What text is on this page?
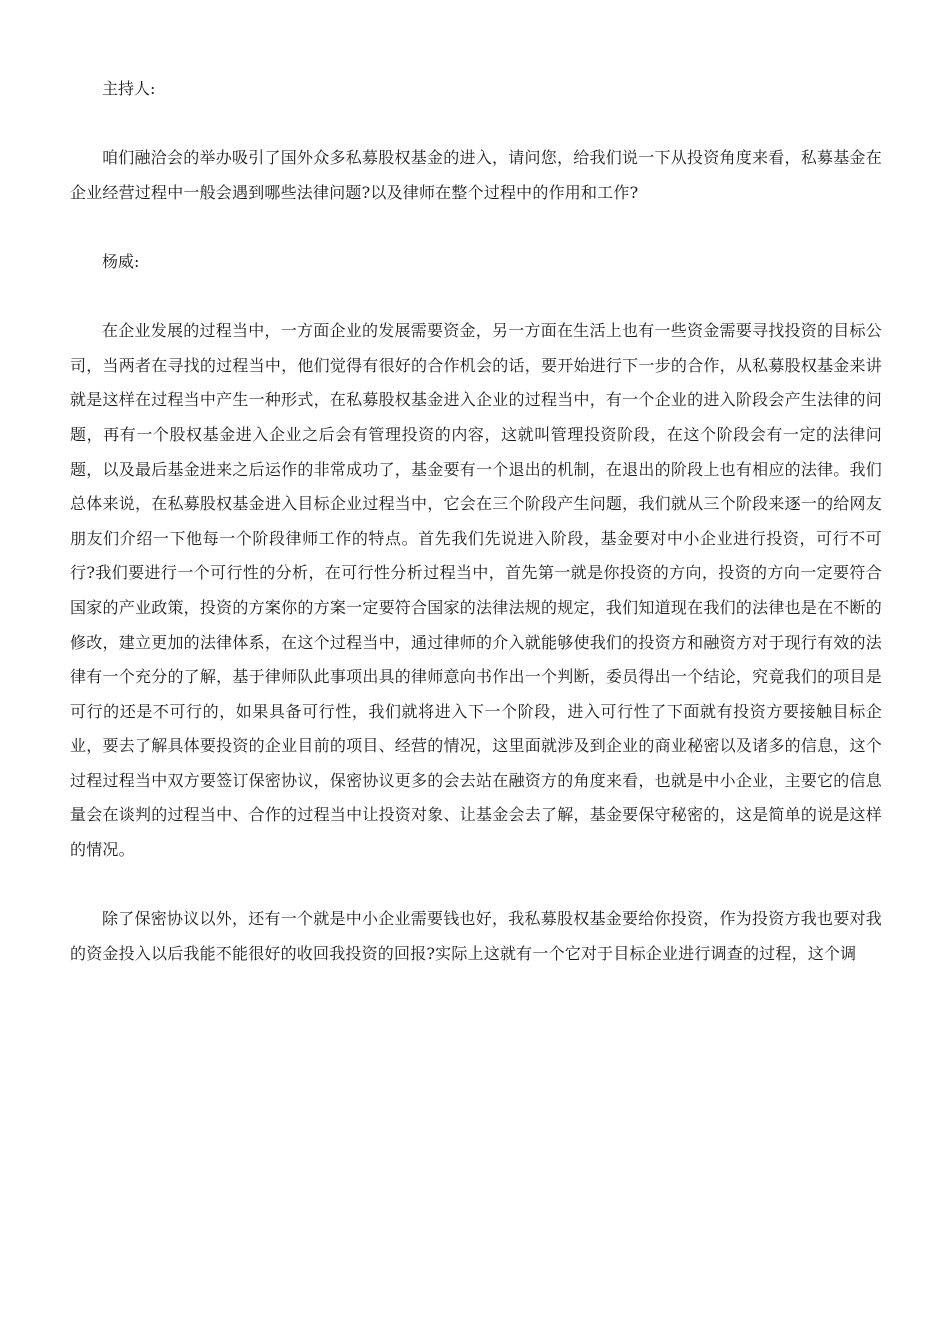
主持人:

咱们融洽会的举办吸引了国外众多私募股权基金的进入，请问您，给我们说一下从投资角度来看，私募基金在企业经营过程中一般会遇到哪些法律问题?以及律师在整个过程中的作用和工作?

杨威:

在企业发展的过程当中，一方面企业的发展需要资金，另一方面在生活上也有一些资金需要寻找投资的目标公司，当两者在寻找的过程当中，他们觉得有很好的合作机会的话，要开始进行下一步的合作，从私募股权基金来讲就是这样在过程当中产生一种形式，在私募股权基金进入企业的过程当中，有一个企业的进入阶段会产生法律的问题，再有一个股权基金进入企业之后会有管理投资的内容，这就叫管理投资阶段，在这个阶段会有一定的法律问题，以及最后基金进来之后运作的非常成功了，基金要有一个退出的机制，在退出的阶段上也有相应的法律。我们总体来说，在私募股权基金进入目标企业过程当中，它会在三个阶段产生问题，我们就从三个阶段来逐一的给网友朋友们介绍一下他每一个阶段律师工作的特点。首先我们先说进入阶段，基金要对中小企业进行投资，可行不可行?我们要进行一个可行性的分析，在可行性分析过程当中，首先第一就是你投资的方向，投资的方向一定要符合国家的产业政策，投资的方案你的方案一定要符合国家的法律法规的规定，我们知道现在我们的法律也是在不断的修改，建立更加的法律体系，在这个过程当中，通过律师的介入就能够使我们的投资方和融资方对于现行有效的法律有一个充分的了解，基于律师队此事项出具的律师意向书作出一个判断，委员得出一个结论，究竟我们的项目是可行的还是不可行的，如果具备可行性，我们就将进入下一个阶段，进入可行性了下面就有投资方要接触目标企业，要去了解具体要投资的企业目前的项目、经营的情况，这里面就涉及到企业的商业秘密以及诸多的信息，这个过程过程当中双方要签订保密协议，保密协议更多的会去站在融资方的角度来看，也就是中小企业，主要它的信息量会在谈判的过程当中、合作的过程当中让投资对象、让基金会去了解，基金要保守秘密的，这是简单的说是这样的情况。

除了保密协议以外，还有一个就是中小企业需要钱也好，我私募股权基金要给你投资，作为投资方我也要对我的资金投入以后我能不能很好的收回我投资的回报?实际上这就有一个它对于目标企业进行调查的过程，这个调
